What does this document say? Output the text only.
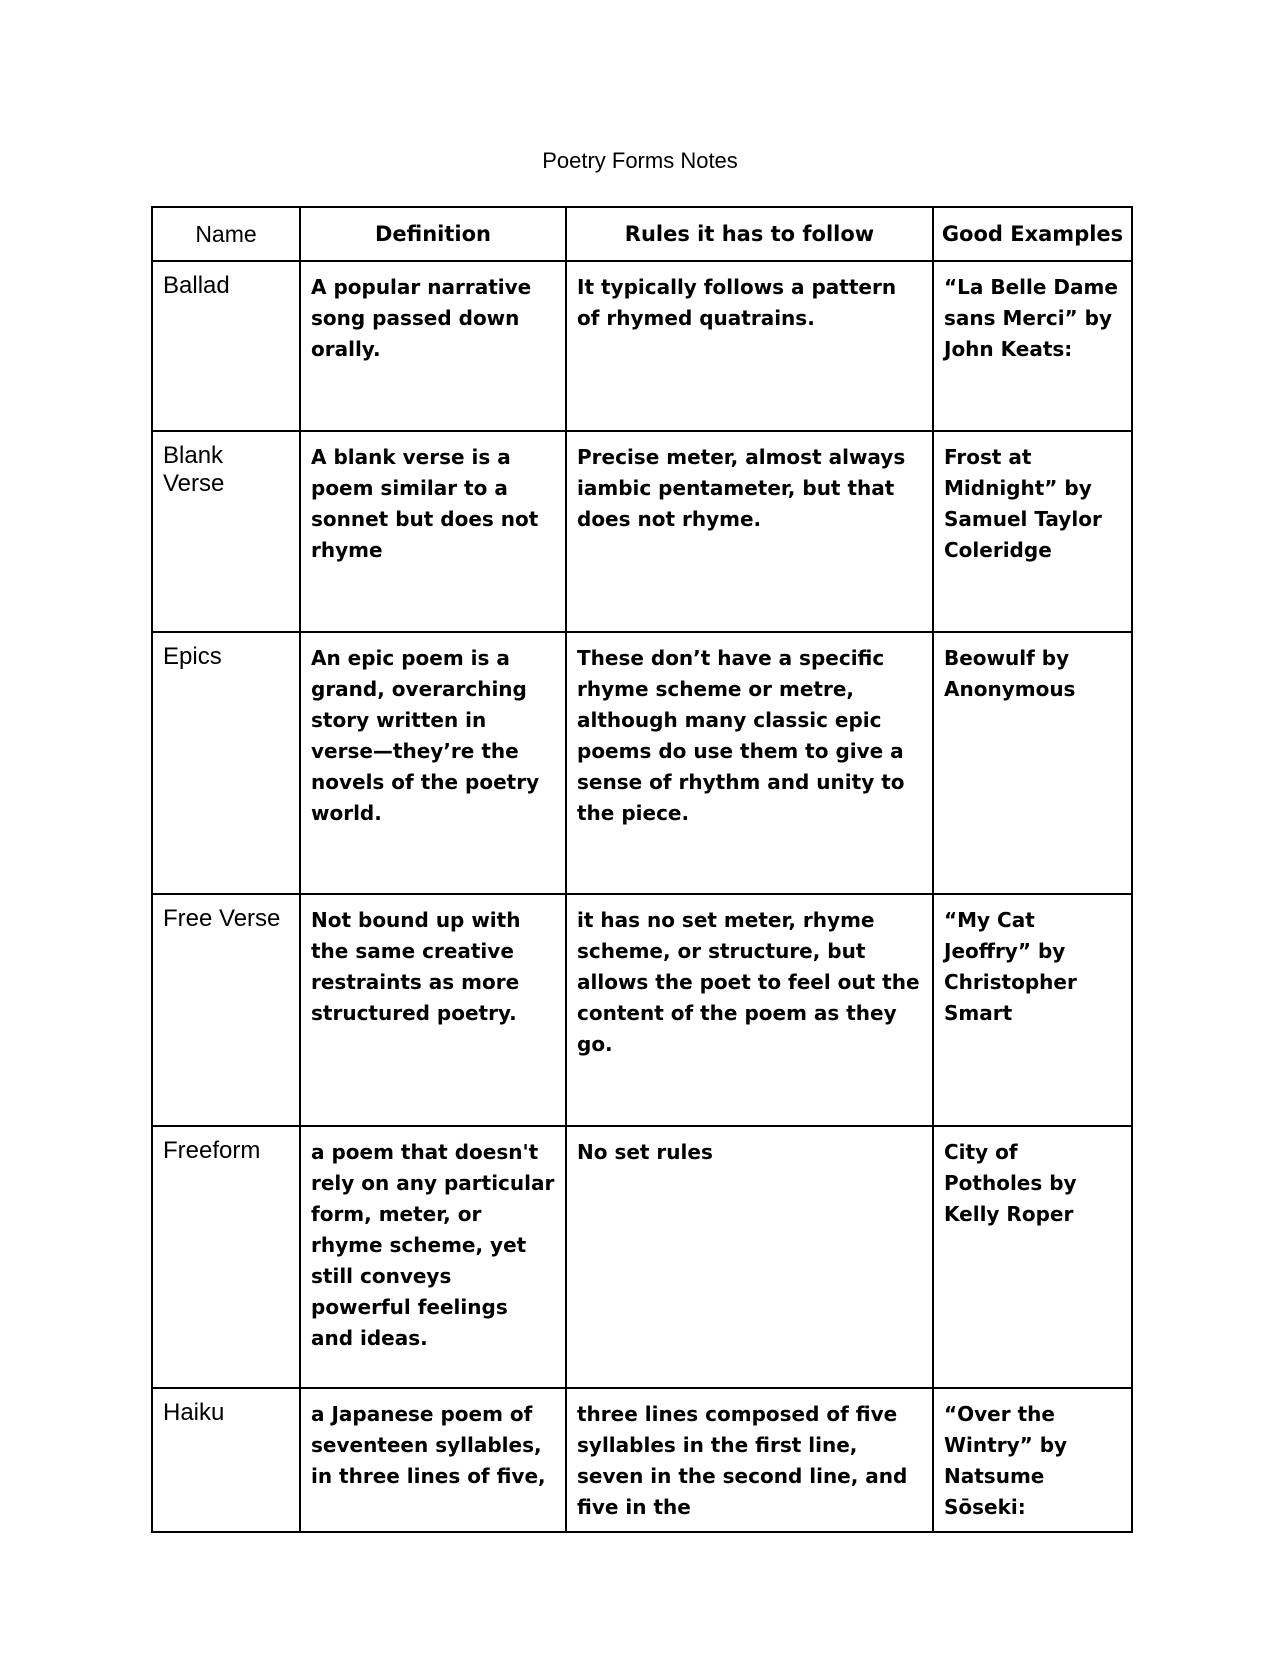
Poetry Forms Notes
Name	Definition	Rules it has to follow	Good Examples
Ballad	A popular narrative song passed down orally.	It typically follows a pattern of rhymed quatrains.	“La Belle Dame sans Merci” by John Keats:
Blank Verse	A blank verse is a poem similar to a sonnet but does not rhyme	Precise meter, almost always iambic pentameter, but that does not rhyme.	Frost at Midnight” by Samuel Taylor Coleridge
Epics	An epic poem is a grand, overarching story written in verse—they’re the novels of the poetry world.	These don’t have a specific rhyme scheme or metre, although many classic epic poems do use them to give a sense of rhythm and unity to the piece.	Beowulf by Anonymous
Free Verse	Not bound up with the same creative restraints as more structured poetry.	it has no set meter, rhyme scheme, or structure, but allows the poet to feel out the content of the poem as they go.	“My Cat Jeoffry” by Christopher Smart
Freeform	a poem that doesn't rely on any particular form, meter, or rhyme scheme, yet still conveys powerful feelings and ideas.	No set rules	City of Potholes by Kelly Roper
Haiku	a Japanese poem of seventeen syllables, in three lines of five,	three lines composed of five syllables in the first line, seven in the second line, and five in the	“Over the Wintry” by Natsume Sōseki:
